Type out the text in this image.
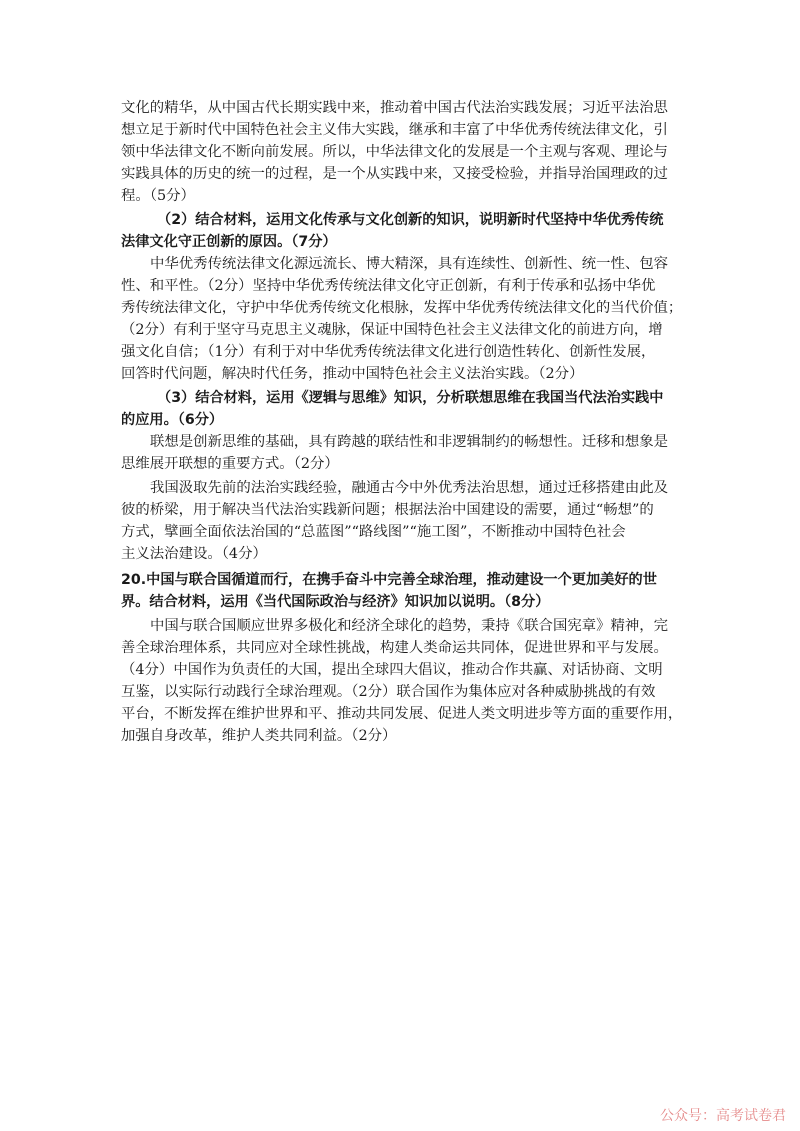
文化的精华，从中国古代长期实践中来，推动着中国古代法治实践发展；习近平法治思
想立足于新时代中国特色社会主义伟大实践，继承和丰富了中华优秀传统法律文化，引
领中华法律文化不断向前发展。所以，中华法律文化的发展是一个主观与客观、理论与
实践具体的历史的统一的过程，是一个从实践中来，又接受检验，并指导治国理政的过
程。（5分）
（2）结合材料，运用文化传承与文化创新的知识，说明新时代坚持中华优秀传统
法律文化守正创新的原因。（7分）
中华优秀传统法律文化源远流长、博大精深，具有连续性、创新性、统一性、包容
性、和平性。（2分）坚持中华优秀传统法律文化守正创新，有利于传承和弘扬中华优
秀传统法律文化，守护中华优秀传统文化根脉，发挥中华优秀传统法律文化的当代价值；
（2分）有利于坚守马克思主义魂脉，保证中国特色社会主义法律文化的前进方向，增
强文化自信；（1分）有利于对中华优秀传统法律文化进行创造性转化、创新性发展，
回答时代问题，解决时代任务，推动中国特色社会主义法治实践。（2分）
（3）结合材料，运用《逻辑与思维》知识，分析联想思维在我国当代法治实践中
的应用。（6分）
联想是创新思维的基础，具有跨越的联结性和非逻辑制约的畅想性。迁移和想象是
思维展开联想的重要方式。（2分）
我国汲取先前的法治实践经验，融通古今中外优秀法治思想，通过迁移搭建由此及
彼的桥梁，用于解决当代法治实践新问题；根据法治中国建设的需要，通过“畅想”的
方式，擘画全面依法治国的“总蓝图”“路线图”“施工图”，不断推动中国特色社会
主义法治建设。（4分）
20.中国与联合国循道而行，在携手奋斗中完善全球治理，推动建设一个更加美好的世
界。结合材料，运用《当代国际政治与经济》知识加以说明。（8分）
中国与联合国顺应世界多极化和经济全球化的趋势，秉持《联合国宪章》精神，完
善全球治理体系，共同应对全球性挑战，构建人类命运共同体，促进世界和平与发展。
（4分）中国作为负责任的大国，提出全球四大倡议，推动合作共赢、对话协商、文明
互鉴，以实际行动践行全球治理观。（2分）联合国作为集体应对各种威胁挑战的有效
平台，不断发挥在维护世界和平、推动共同发展、促进人类文明进步等方面的重要作用，
加强自身改革，维护人类共同利益。（2分）
公众号：高考试卷君
